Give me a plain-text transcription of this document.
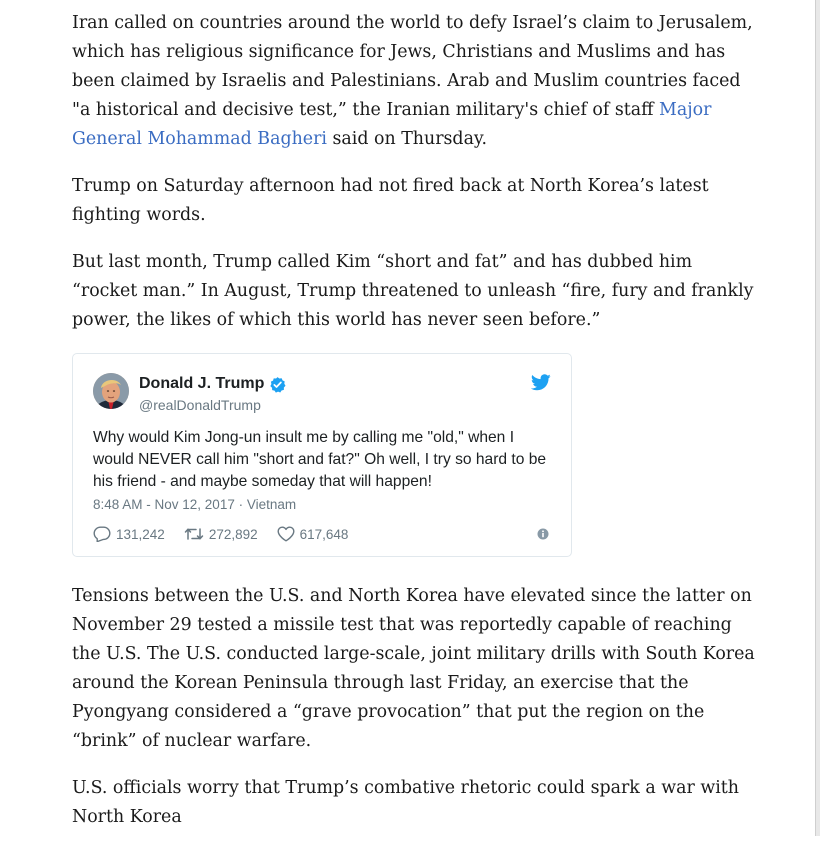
Iran called on countries around the world to defy Israel’s claim to Jerusalem, which has religious significance for Jews, Christians and Muslims and has been claimed by Israelis and Palestinians. Arab and Muslim countries faced "a historical and decisive test,” the Iranian military's chief of staff Major General Mohammad Bagheri said on Thursday.

Trump on Saturday afternoon had not fired back at North Korea’s latest fighting words.

But last month, Trump called Kim “short and fat” and has dubbed him “rocket man.” In August, Trump threatened to unleash “fire, fury and frankly power, the likes of which this world has never seen before.”

Donald J. Trump
@realDonaldTrump
Why would Kim Jong-un insult me by calling me "old," when I would NEVER call him "short and fat?" Oh well, I try so hard to be his friend - and maybe someday that will happen!
8:48 AM - Nov 12, 2017 · Vietnam
131,242	272,892	617,648

Tensions between the U.S. and North Korea have elevated since the latter on November 29 tested a missile test that was reportedly capable of reaching the U.S. The U.S. conducted large-scale, joint military drills with South Korea around the Korean Peninsula through last Friday, an exercise that the Pyongyang considered a “grave provocation” that put the region on the “brink” of nuclear warfare.

U.S. officials worry that Trump’s combative rhetoric could spark a war with North Korea
